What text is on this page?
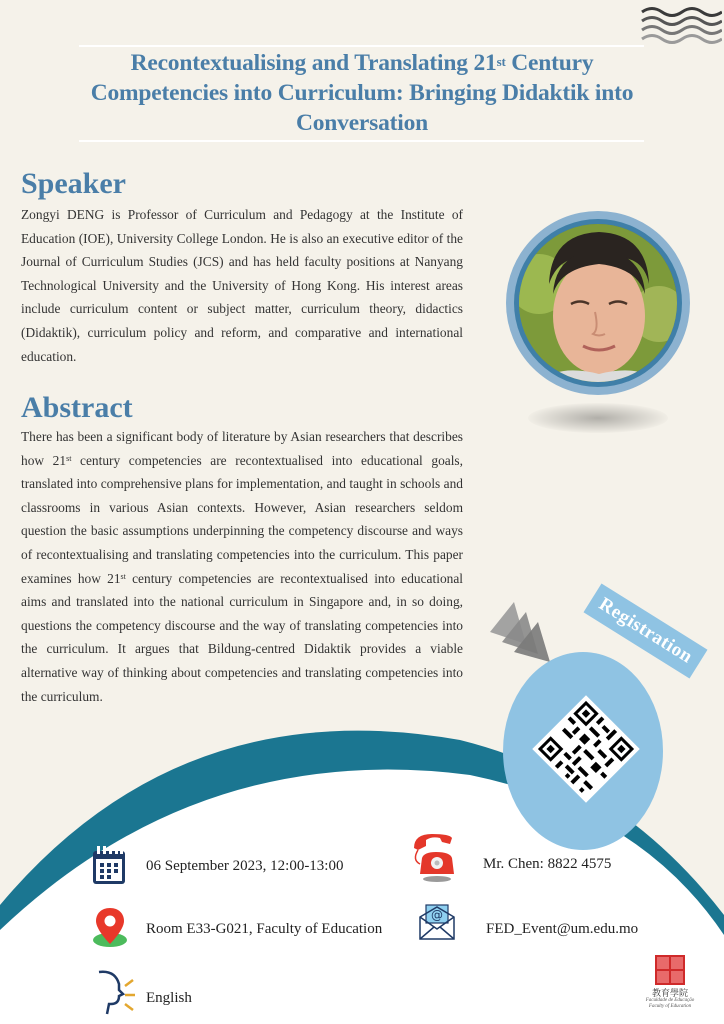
Recontextualising and Translating 21st Century
Competencies into Curriculum: Bringing Didaktik into
Conversation
Speaker
Zongyi DENG is Professor of Curriculum and Pedagogy at the Institute of Education (IOE), University College London. He is also an executive editor of the Journal of Curriculum Studies (JCS) and has held faculty positions at Nanyang Technological University and the University of Hong Kong. His interest areas include curriculum content or subject matter, curriculum theory, didactics (Didaktik), curriculum policy and reform, and comparative and international education.
Abstract
There has been a significant body of literature by Asian researchers that describes how 21st century competencies are recontextualised into educational goals, translated into comprehensive plans for implementation, and taught in schools and classrooms in various Asian contexts. However, Asian researchers seldom question the basic assumptions underpinning the competency discourse and ways of recontextualising and translating competencies into the curriculum. This paper examines how 21st century competencies are recontextualised into educational aims and translated into the national curriculum in Singapore and, in so doing, questions the competency discourse and the way of translating competencies into the curriculum. It argues that Bildung-centred Didaktik provides a viable alternative way of thinking about competencies and translating competencies into the curriculum.
Registration
06 September 2023, 12:00-13:00
Room E33-G021, Faculty of Education
English
Mr. Chen: 8822 4575
@
FED_Event@um.edu.mo
教育學院
Faculdade de Educação
Faculty of Education
